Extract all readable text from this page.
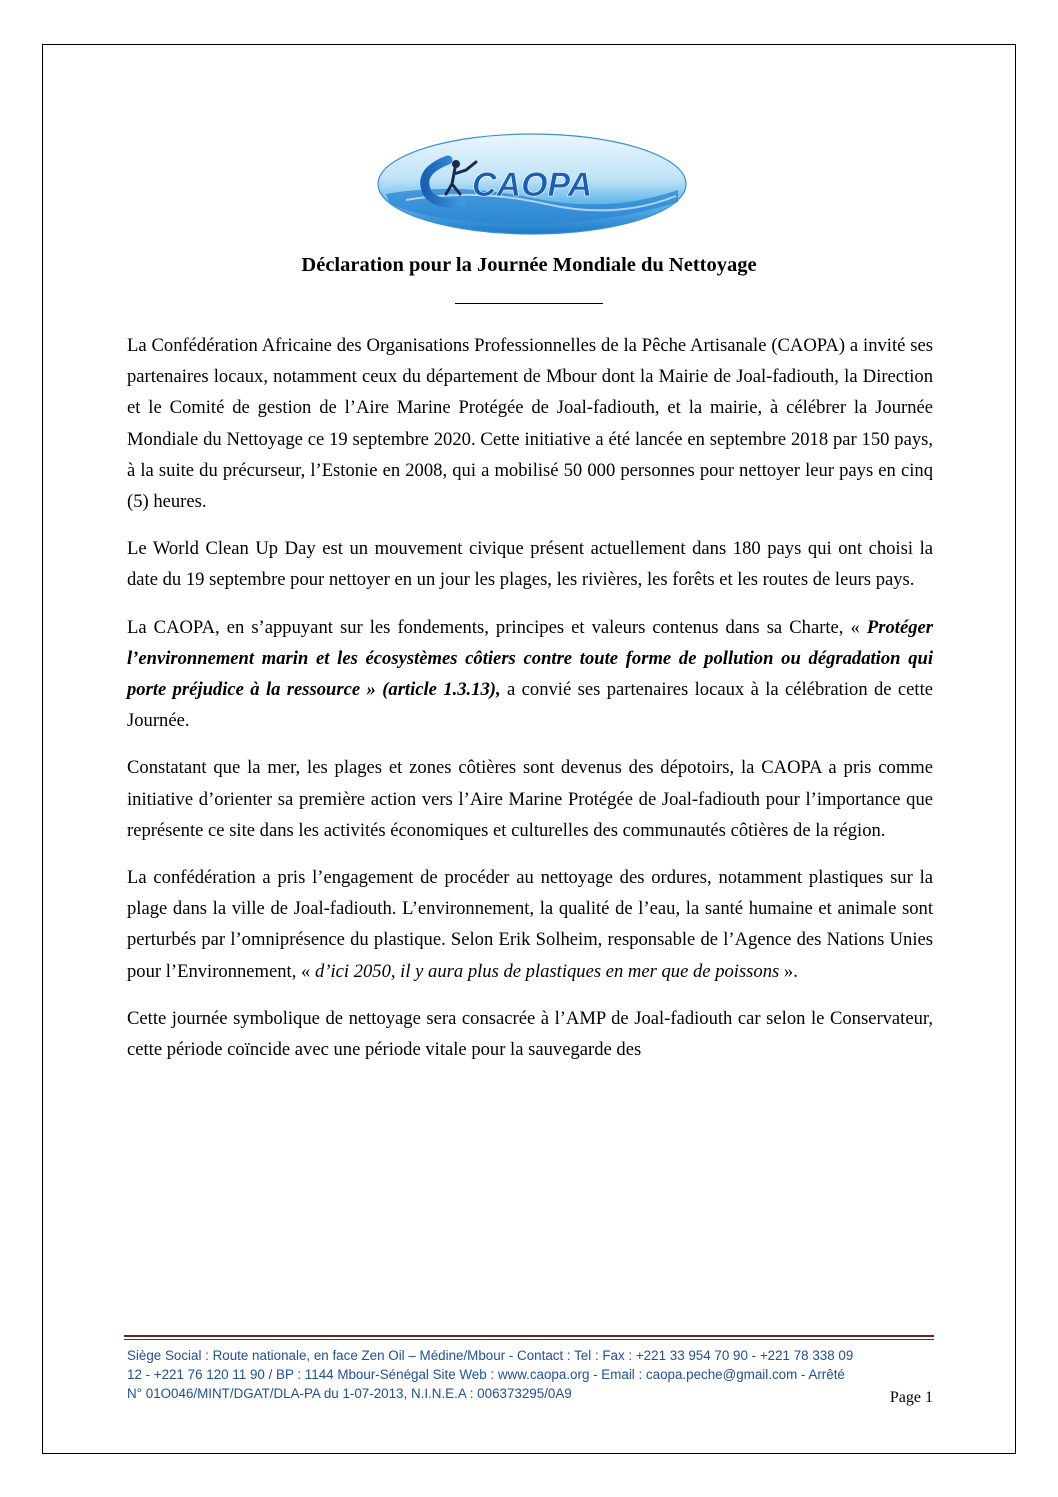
CAOPA
Déclaration pour la Journée Mondiale du Nettoyage

La Confédération Africaine des Organisations Professionnelles de la Pêche Artisanale (CAOPA) a invité ses partenaires locaux, notamment ceux du département de Mbour dont la Mairie de Joal-fadiouth, la Direction et le Comité de gestion de l’Aire Marine Protégée de Joal-fadiouth, et la mairie, à célébrer la Journée Mondiale du Nettoyage ce 19 septembre 2020. Cette initiative a été lancée en septembre 2018 par 150 pays, à la suite du précurseur, l’Estonie en 2008, qui a mobilisé 50 000 personnes pour nettoyer leur pays en cinq (5) heures.

Le World Clean Up Day est un mouvement civique présent actuellement dans 180 pays qui ont choisi la date du 19 septembre pour nettoyer en un jour les plages, les rivières, les forêts et les routes de leurs pays.

La CAOPA, en s’appuyant sur les fondements, principes et valeurs contenus dans sa Charte, « Protéger l’environnement marin et les écosystèmes côtiers contre toute forme de pollution ou dégradation qui porte préjudice à la ressource » (article 1.3.13), a convié ses partenaires locaux à la célébration de cette Journée.

Constatant que la mer, les plages et zones côtières sont devenus des dépotoirs, la CAOPA a pris comme initiative d’orienter sa première action vers l’Aire Marine Protégée de Joal-fadiouth pour l’importance que représente ce site dans les activités économiques et culturelles des communautés côtières de la région.

La confédération a pris l’engagement de procéder au nettoyage des ordures, notamment plastiques sur la plage dans la ville de Joal-fadiouth. L’environnement, la qualité de l’eau, la santé humaine et animale sont perturbés par l’omniprésence du plastique. Selon Erik Solheim, responsable de l’Agence des Nations Unies pour l’Environnement, « d’ici 2050, il y aura plus de plastiques en mer que de poissons ».

Cette journée symbolique de nettoyage sera consacrée à l’AMP de Joal-fadiouth car selon le Conservateur, cette période coïncide avec une période vitale pour la sauvegarde des

Siège Social : Route nationale, en face Zen Oil – Médine/Mbour - Contact : Tel : Fax : +221 33 954 70 90 - +221 78 338 09
12 - +221 76 120 11 90 / BP : 1144 Mbour-Sénégal Site Web : www.caopa.org - Email : caopa.peche@gmail.com - Arrêté
N° 01O046/MINT/DGAT/DLA-PA du 1-07-2013, N.I.N.E.A : 006373295/0A9	Page 1
